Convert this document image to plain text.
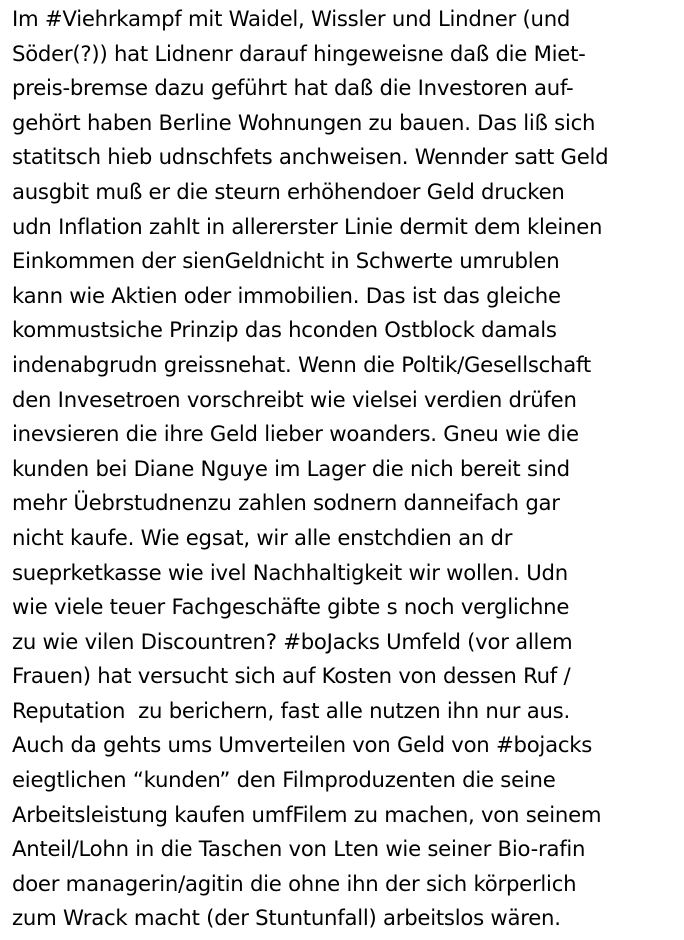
Im #Viehrkampf mit Waidel, Wissler und Lindner (und
Söder(?)) hat Lidnenr darauf hingeweisne daß die Miet-
preis-bremse dazu geführt hat daß die Investoren auf-
gehört haben Berline Wohnungen zu bauen. Das liß sich
statitsch hieb udnschfets anchweisen. Wennder satt Geld
ausgbit muß er die steurn erhöhendoer Geld drucken
udn Inflation zahlt in allererster Linie dermit dem kleinen
Einkommen der sienGeldnicht in Schwerte umrublen
kann wie Aktien oder immobilien. Das ist das gleiche
kommustsiche Prinzip das hconden Ostblock damals
indenabgrudn greissnehat. Wenn die Poltik/Gesellschaft
den Invesetroen vorschreibt wie vielsei verdien drüfen
inevsieren die ihre Geld lieber woanders. Gneu wie die
kunden bei Diane Nguye im Lager die nich bereit sind
mehr Üebrstudnenzu zahlen sodnern danneifach gar
nicht kaufe. Wie egsat, wir alle enstchdien an dr
sueprketkasse wie ivel Nachhaltigkeit wir wollen. Udn
wie viele teuer Fachgeschäfte gibte s noch verglichne
zu wie vilen Discountren? #boJacks Umfeld (vor allem
Frauen) hat versucht sich auf Kosten von dessen Ruf /
Reputation  zu berichern, fast alle nutzen ihn nur aus.
Auch da gehts ums Umverteilen von Geld von #bojacks
eiegtlichen “kunden” den Filmproduzenten die seine
Arbeitsleistung kaufen umfFilem zu machen, von seinem
Anteil/Lohn in die Taschen von Lten wie seiner Bio-rafin
doer managerin/agitin die ohne ihn der sich körperlich
zum Wrack macht (der Stuntunfall) arbeitslos wären.
